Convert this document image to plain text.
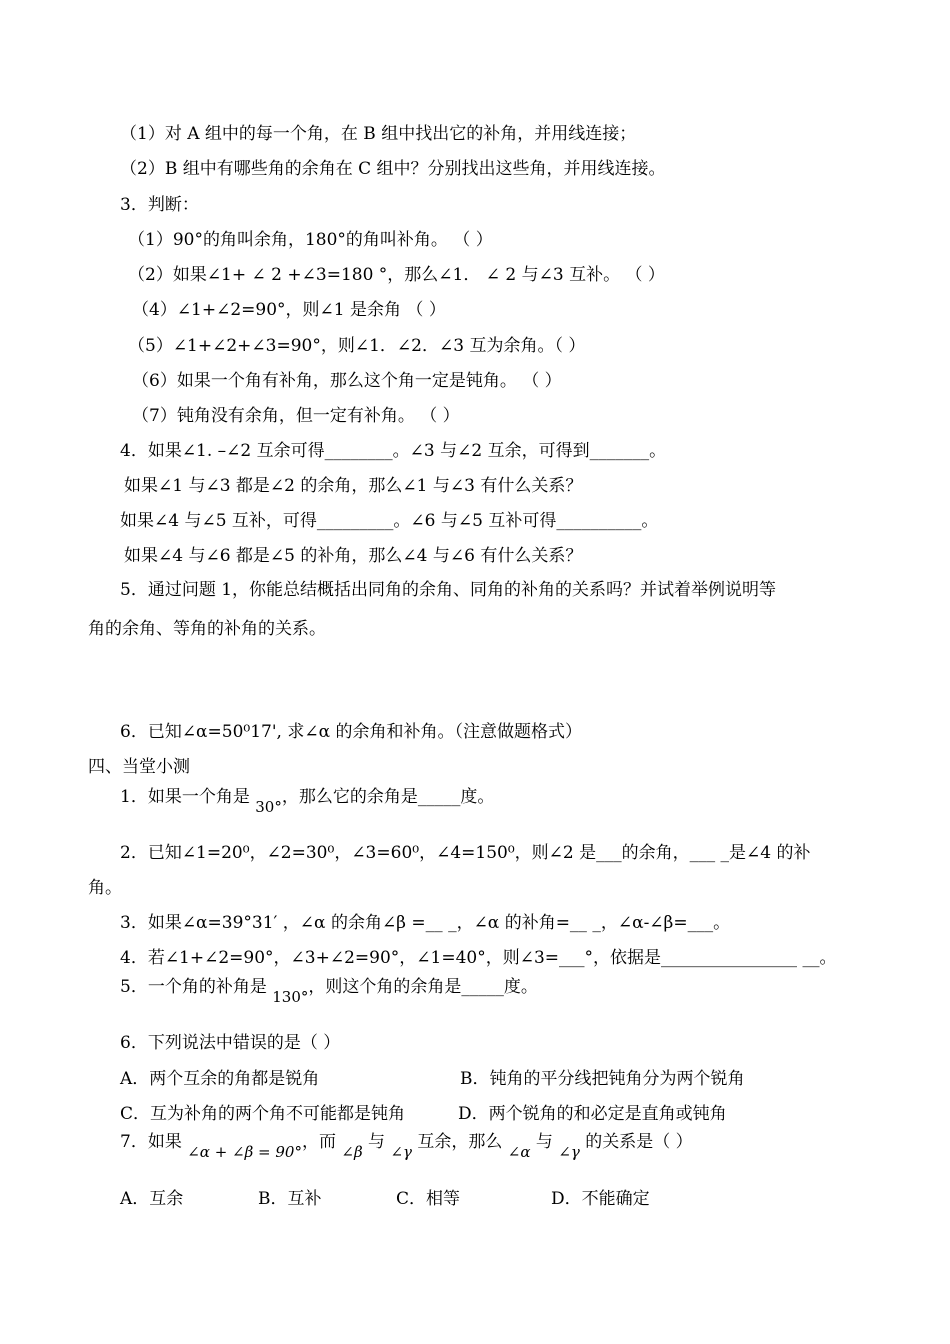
（1）对 A 组中的每一个角，在 B 组中找出它的补角，并用线连接；
（2）B 组中有哪些角的余角在 C 组中？分别找出这些角，并用线连接。
3．判断：
（1）90°的角叫余角，180°的角叫补角。 （ ）
（2）如果∠1+ ∠ 2 +∠3=180 °，那么∠1． ∠ 2 与∠3 互补。 （ ）
（4）∠1+∠2=90°，则∠1 是余角 （ ）
（5）∠1+∠2+∠3=90°，则∠1．∠2．∠3 互为余角。（ ）
（6）如果一个角有补角，那么这个角一定是钝角。 （ ）
（7）钝角没有余角，但一定有补角。 （ ）
4．如果∠1. –∠2 互余可得________。∠3 与∠2 互余，可得到_______。
如果∠1 与∠3 都是∠2 的余角，那么∠1 与∠3 有什么关系？
如果∠4 与∠5 互补，可得_________。∠6 与∠5 互补可得__________。
如果∠4 与∠6 都是∠5 的补角，那么∠4 与∠6 有什么关系？
5．通过问题 1，你能总结概括出同角的余角、同角的补角的关系吗？并试着举例说明等
角的余角、等角的补角的关系。
6．已知∠α=50⁰17', 求∠α 的余角和补角。（注意做题格式）
四、当堂小测
1．如果一个角是 30°，那么它的余角是_____度。
2．已知∠1=20⁰，∠2=30⁰，∠3=60⁰，∠4=150⁰，则∠2 是___的余角，___ _是∠4 的补
角。
3．如果∠α=39°31′ ，∠α 的余角∠β =__ _，∠α 的补角=__ _，∠α-∠β=___。
4．若∠1+∠2=90°，∠3+∠2=90°，∠1=40°，则∠3=___°，依据是________________ __。
5．一个角的补角是 130°，则这个角的余角是_____度。
6．下列说法中错误的是（ ）
A．两个互余的角都是锐角	B．钝角的平分线把钝角分为两个锐角
C．互为补角的两个角不可能都是钝角	D．两个锐角的和必定是直角或钝角
7．如果 ∠α + ∠β = 90°，而 ∠β 与 ∠γ 互余，那么 ∠α 与 ∠γ 的关系是（ ）
A．互余	B．互补	C．相等	D．不能确定
